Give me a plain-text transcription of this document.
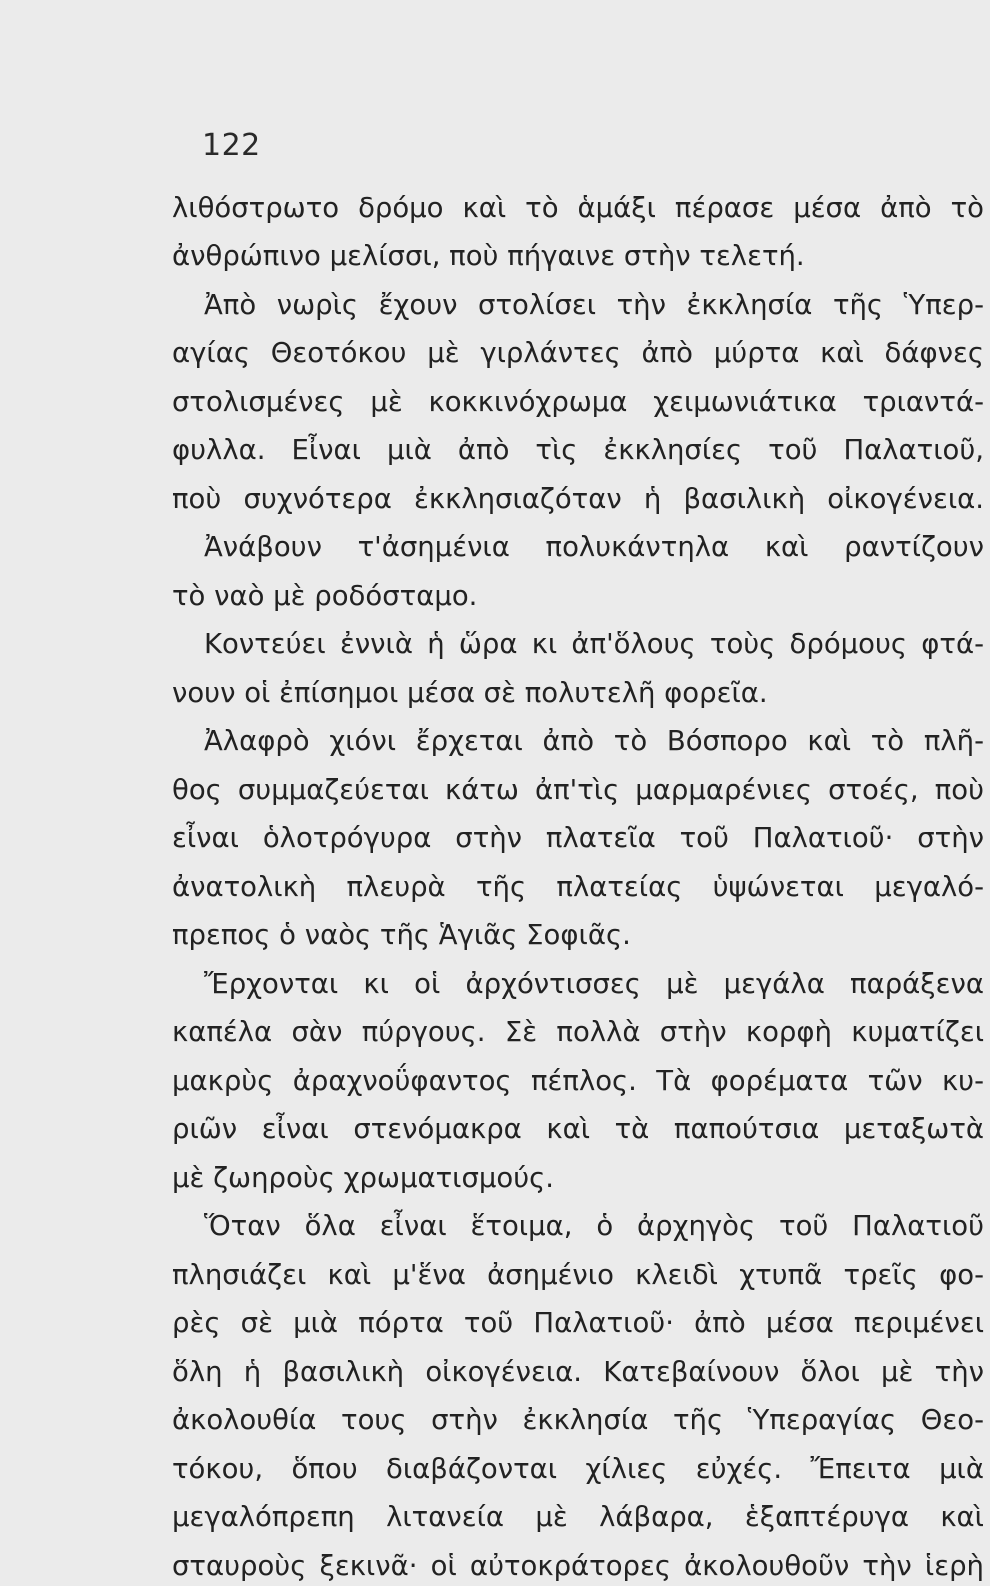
122
λιθόστρωτο δρόμο καὶ τὸ ἁμάξι πέρασε μέσα ἀπὸ τὸ
ἀνθρώπινο μελίσσι, ποὺ πήγαινε στὴν τελετή.
Ἀπὸ νωρὶς ἔχουν στολίσει τὴν ἐκκλησία τῆς Ὑπερ-
αγίας Θεοτόκου μὲ γιρλάντες ἀπὸ μύρτα καὶ δάφνες
στολισμένες μὲ κοκκινόχρωμα χειμωνιάτικα τριαντά-
φυλλα. Εἶναι μιὰ ἀπὸ τὶς ἐκκλησίες τοῦ Παλατιοῦ,
ποὺ συχνότερα ἐκκλησιαζόταν ἡ βασιλικὴ οἰκογένεια.
Ἀνάβουν τ'ἀσημένια πολυκάντηλα καὶ ραντίζουν
τὸ ναὸ μὲ ροδόσταμο.
Κοντεύει ἐννιὰ ἡ ὥρα κι ἀπ'ὅλους τοὺς δρόμους φτά-
νουν οἱ ἐπίσημοι μέσα σὲ πολυτελῆ φορεῖα.
Ἀλαφρὸ χιόνι ἔρχεται ἀπὸ τὸ Βόσπορο καὶ τὸ πλῆ-
θος συμμαζεύεται κάτω ἀπ'τὶς μαρμαρένιες στοές, ποὺ
εἶναι ὁλοτρόγυρα στὴν πλατεῖα τοῦ Παλατιοῦ· στὴν
ἀνατολικὴ πλευρὰ τῆς πλατείας ὑψώνεται μεγαλό-
πρεπος ὁ ναὸς τῆς Ἁγιᾶς Σοφιᾶς.
Ἔρχονται κι οἱ ἀρχόντισσες μὲ μεγάλα παράξενα
καπέλα σὰν πύργους. Σὲ πολλὰ στὴν κορφὴ κυματίζει
μακρὺς ἀραχνοΰφαντος πέπλος. Τὰ φορέματα τῶν κυ-
ριῶν εἶναι στενόμακρα καὶ τὰ παπούτσια μεταξωτὰ
μὲ ζωηροὺς χρωματισμούς.
Ὅταν ὅλα εἶναι ἕτοιμα, ὁ ἀρχηγὸς τοῦ Παλατιοῦ
πλησιάζει καὶ μ'ἕνα ἀσημένιο κλειδὶ χτυπᾶ τρεῖς φο-
ρὲς σὲ μιὰ πόρτα τοῦ Παλατιοῦ· ἀπὸ μέσα περιμένει
ὅλη ἡ βασιλικὴ οἰκογένεια. Κατεβαίνουν ὅλοι μὲ τὴν
ἀκολουθία τους στὴν ἐκκλησία τῆς Ὑπεραγίας Θεο-
τόκου, ὅπου διαβάζονται χίλιες εὐχές. Ἔπειτα μιὰ
μεγαλόπρεπη λιτανεία μὲ λάβαρα, ἑξαπτέρυγα καὶ
σταυροὺς ξεκινᾶ· οἱ αὐτοκράτορες ἀκολουθοῦν τὴν ἱερὴ
